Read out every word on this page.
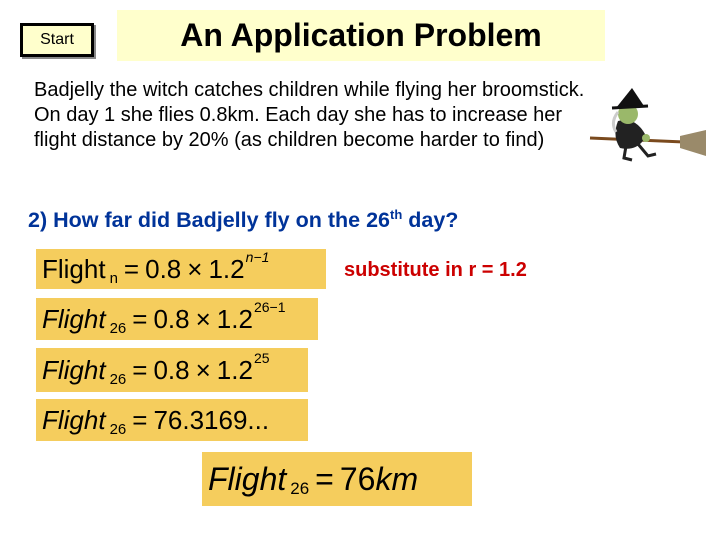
Start	An Application Problem

Badjelly the witch catches children while flying her broomstick. On day 1 she flies 0.8km. Each day she has to increase her flight distance by 20% (as children become harder to find)

2) How far did Badjelly fly on the 26th day?
Flight n = 0.8 × 1.2 n−1
substitute in r = 1.2
Flight 26 = 0.8 × 1.2 26−1
Flight 26 = 0.8 × 1.2 25
Flight 26 = 76.3169...
Flight 26 = 76 km
